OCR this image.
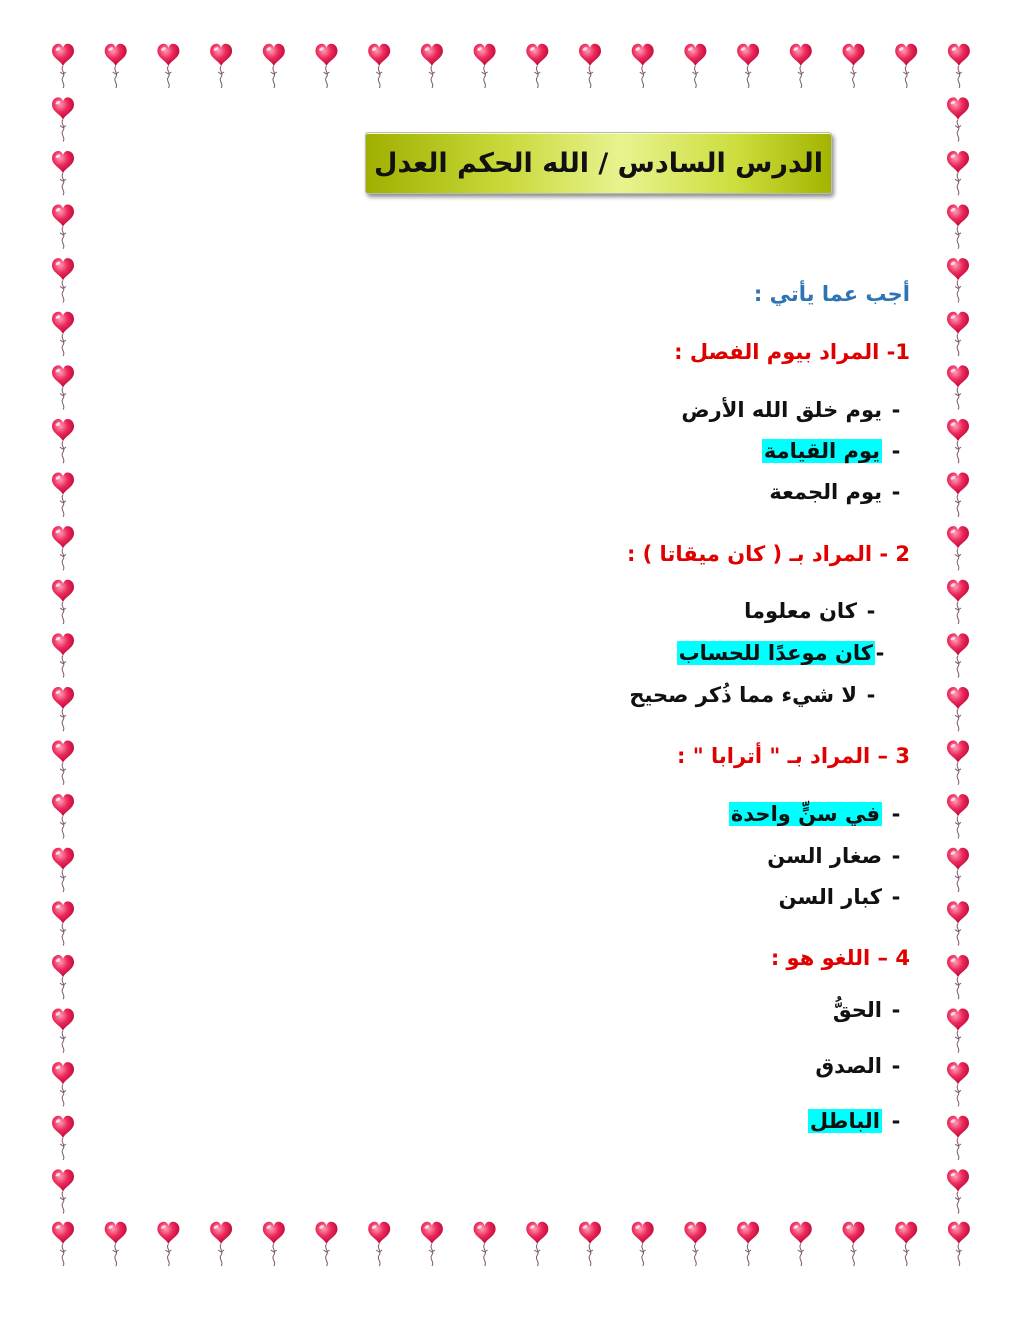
الدرس السادس / الله الحكم العدل
أجب عما يأتي :
1- المراد بيوم الفصل :
-يوم خلق الله الأرض
-يوم القيامة
-يوم الجمعة
2 - المراد بـ ( كان ميقاتا ) :
-كان معلوما
-كان موعدًا للحساب
-لا شيء مما ذُكر صحيح
3 – المراد بـ " أترابا " :
-في سنٍّ واحدة
-صغار السن
-كبار السن
4 – اللغو هو :
-الحقُّ
-الصدق
-الباطل
